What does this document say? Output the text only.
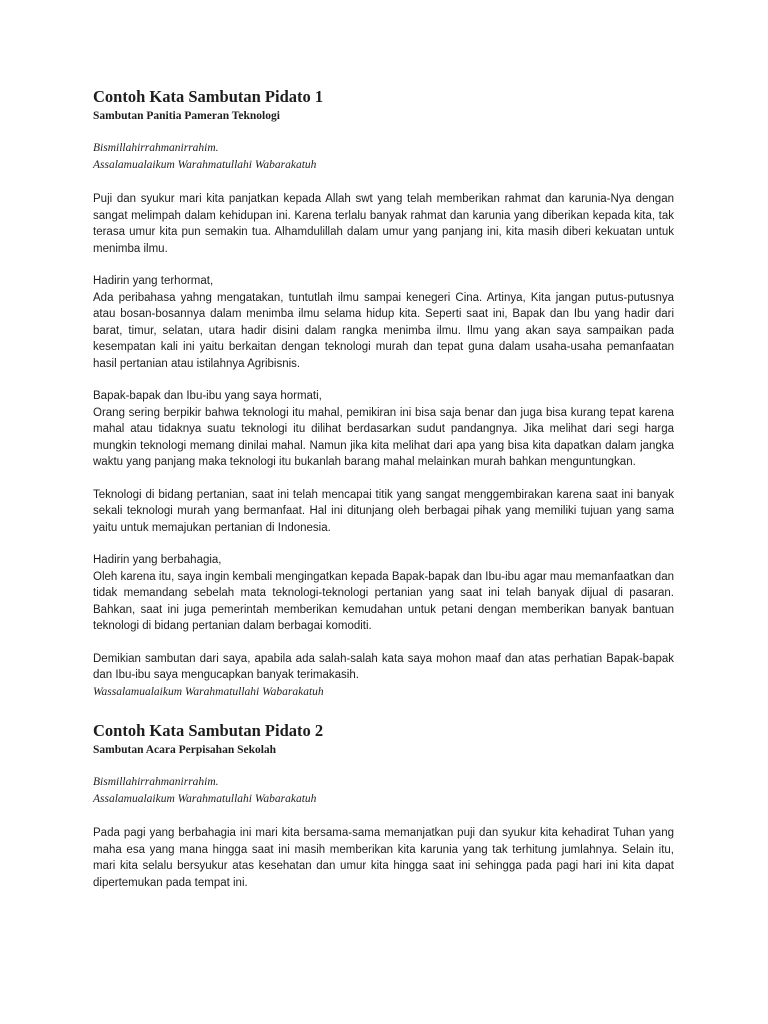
Contoh Kata Sambutan Pidato 1
Sambutan Panitia Pameran Teknologi
Bismillahirrahmanirrahim.
Assalamualaikum Warahmatullahi Wabarakatuh

Puji dan syukur mari kita panjatkan kepada Allah swt yang telah memberikan rahmat dan karunia-Nya dengan sangat melimpah dalam kehidupan ini. Karena terlalu banyak rahmat dan karunia yang diberikan kepada kita, tak terasa umur kita pun semakin tua. Alhamdulillah dalam umur yang panjang ini, kita masih diberi kekuatan untuk menimba ilmu.

Hadirin yang terhormat,
Ada peribahasa yahng mengatakan, tuntutlah ilmu sampai kenegeri Cina. Artinya, Kita jangan putus-putusnya atau bosan-bosannya dalam menimba ilmu selama hidup kita. Seperti saat ini, Bapak dan Ibu yang hadir dari barat, timur, selatan, utara hadir disini dalam rangka menimba ilmu. Ilmu yang akan saya sampaikan pada kesempatan kali ini yaitu berkaitan dengan teknologi murah dan tepat guna dalam usaha-usaha pemanfaatan hasil pertanian atau istilahnya Agribisnis.

Bapak-bapak dan Ibu-ibu yang saya hormati,
Orang sering berpikir bahwa teknologi itu mahal, pemikiran ini bisa saja benar dan juga bisa kurang tepat karena mahal atau tidaknya suatu teknologi itu dilihat berdasarkan sudut pandangnya. Jika melihat dari segi harga mungkin teknologi memang dinilai mahal. Namun jika kita melihat dari apa yang bisa kita dapatkan dalam jangka waktu yang panjang maka teknologi itu bukanlah barang mahal melainkan murah bahkan menguntungkan.

Teknologi di bidang pertanian, saat ini telah mencapai titik yang sangat menggembirakan karena saat ini banyak sekali teknologi murah yang bermanfaat. Hal ini ditunjang oleh berbagai pihak yang memiliki tujuan yang sama yaitu untuk memajukan pertanian di Indonesia.

Hadirin yang berbahagia,
Oleh karena itu, saya ingin kembali mengingatkan kepada Bapak-bapak dan Ibu-ibu agar mau memanfaatkan dan tidak memandang sebelah mata teknologi-teknologi pertanian yang saat ini telah banyak dijual di pasaran. Bahkan, saat ini juga pemerintah memberikan kemudahan untuk petani dengan memberikan banyak bantuan teknologi di bidang pertanian dalam berbagai komoditi.

Demikian sambutan dari saya, apabila ada salah-salah kata saya mohon maaf dan atas perhatian Bapak-bapak dan Ibu-ibu saya mengucapkan banyak terimakasih.

Wassalamualaikum Warahmatullahi Wabarakatuh
Contoh Kata Sambutan Pidato 2
Sambutan Acara Perpisahan Sekolah
Bismillahirrahmanirrahim.
Assalamualaikum Warahmatullahi Wabarakatuh

Pada pagi yang berbahagia ini mari kita bersama-sama memanjatkan puji dan syukur kita kehadirat Tuhan yang maha esa yang mana hingga saat ini masih memberikan kita karunia yang tak terhitung jumlahnya. Selain itu, mari kita selalu bersyukur atas kesehatan dan umur kita hingga saat ini sehingga pada pagi hari ini kita dapat dipertemukan pada tempat ini.
